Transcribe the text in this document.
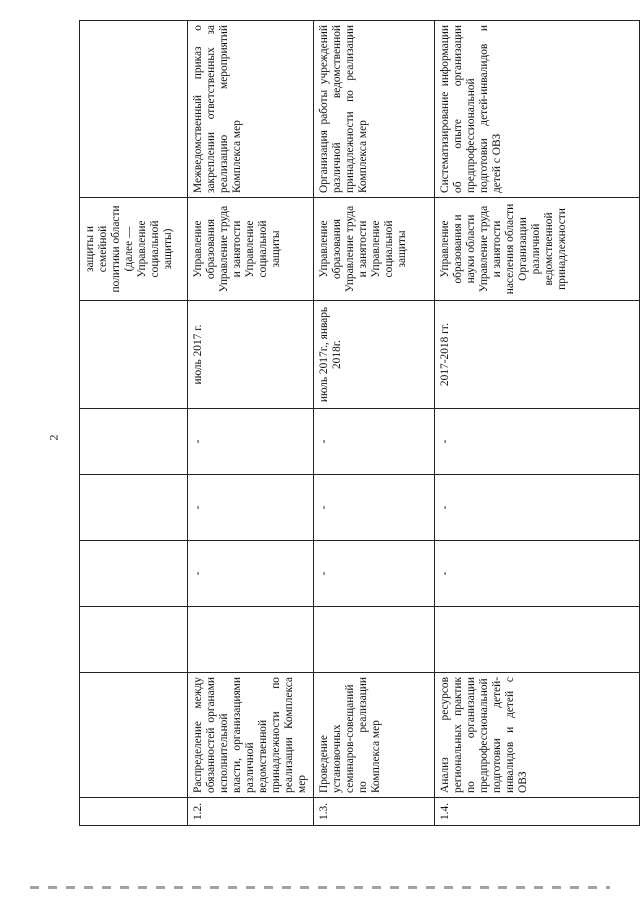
2
							защиты и семейной политики области (далее — Управление социальной защиты)	
1.2.	Распределение между обязанностей органами исполнительной власти, организациями различной ведомственной принадлежности по реализации Комплекса мер		-	-	-	июль 2017 г.	Управление образования Управление труда и занятости Управление социальной защиты	Межведомственный приказ о закреплении ответственных за реализацию мероприятий Комплекса мер
1.3.	Проведение установочных семинаров-совещаний по реализации Комплекса мер		-	-	-	июль 2017г., январь 2018г.	Управление образования Управление труда и занятости Управление социальной защиты	Организация работы учреждений различной ведомственной принадлежности по реализации Комплекса мер
1.4.	Анализ ресурсов региональных практик по организации предпрофессиональной подготовки детей-инвалидов и детей с ОВЗ		-	-	-	2017-2018 гг.	Управление образования и науки области Управление труда и занятости населения области Организации различной ведомственной принадлежности	Систематизирование информации об опыте организации предпрофессиональной подготовки детей-инвалидов и детей с ОВЗ
